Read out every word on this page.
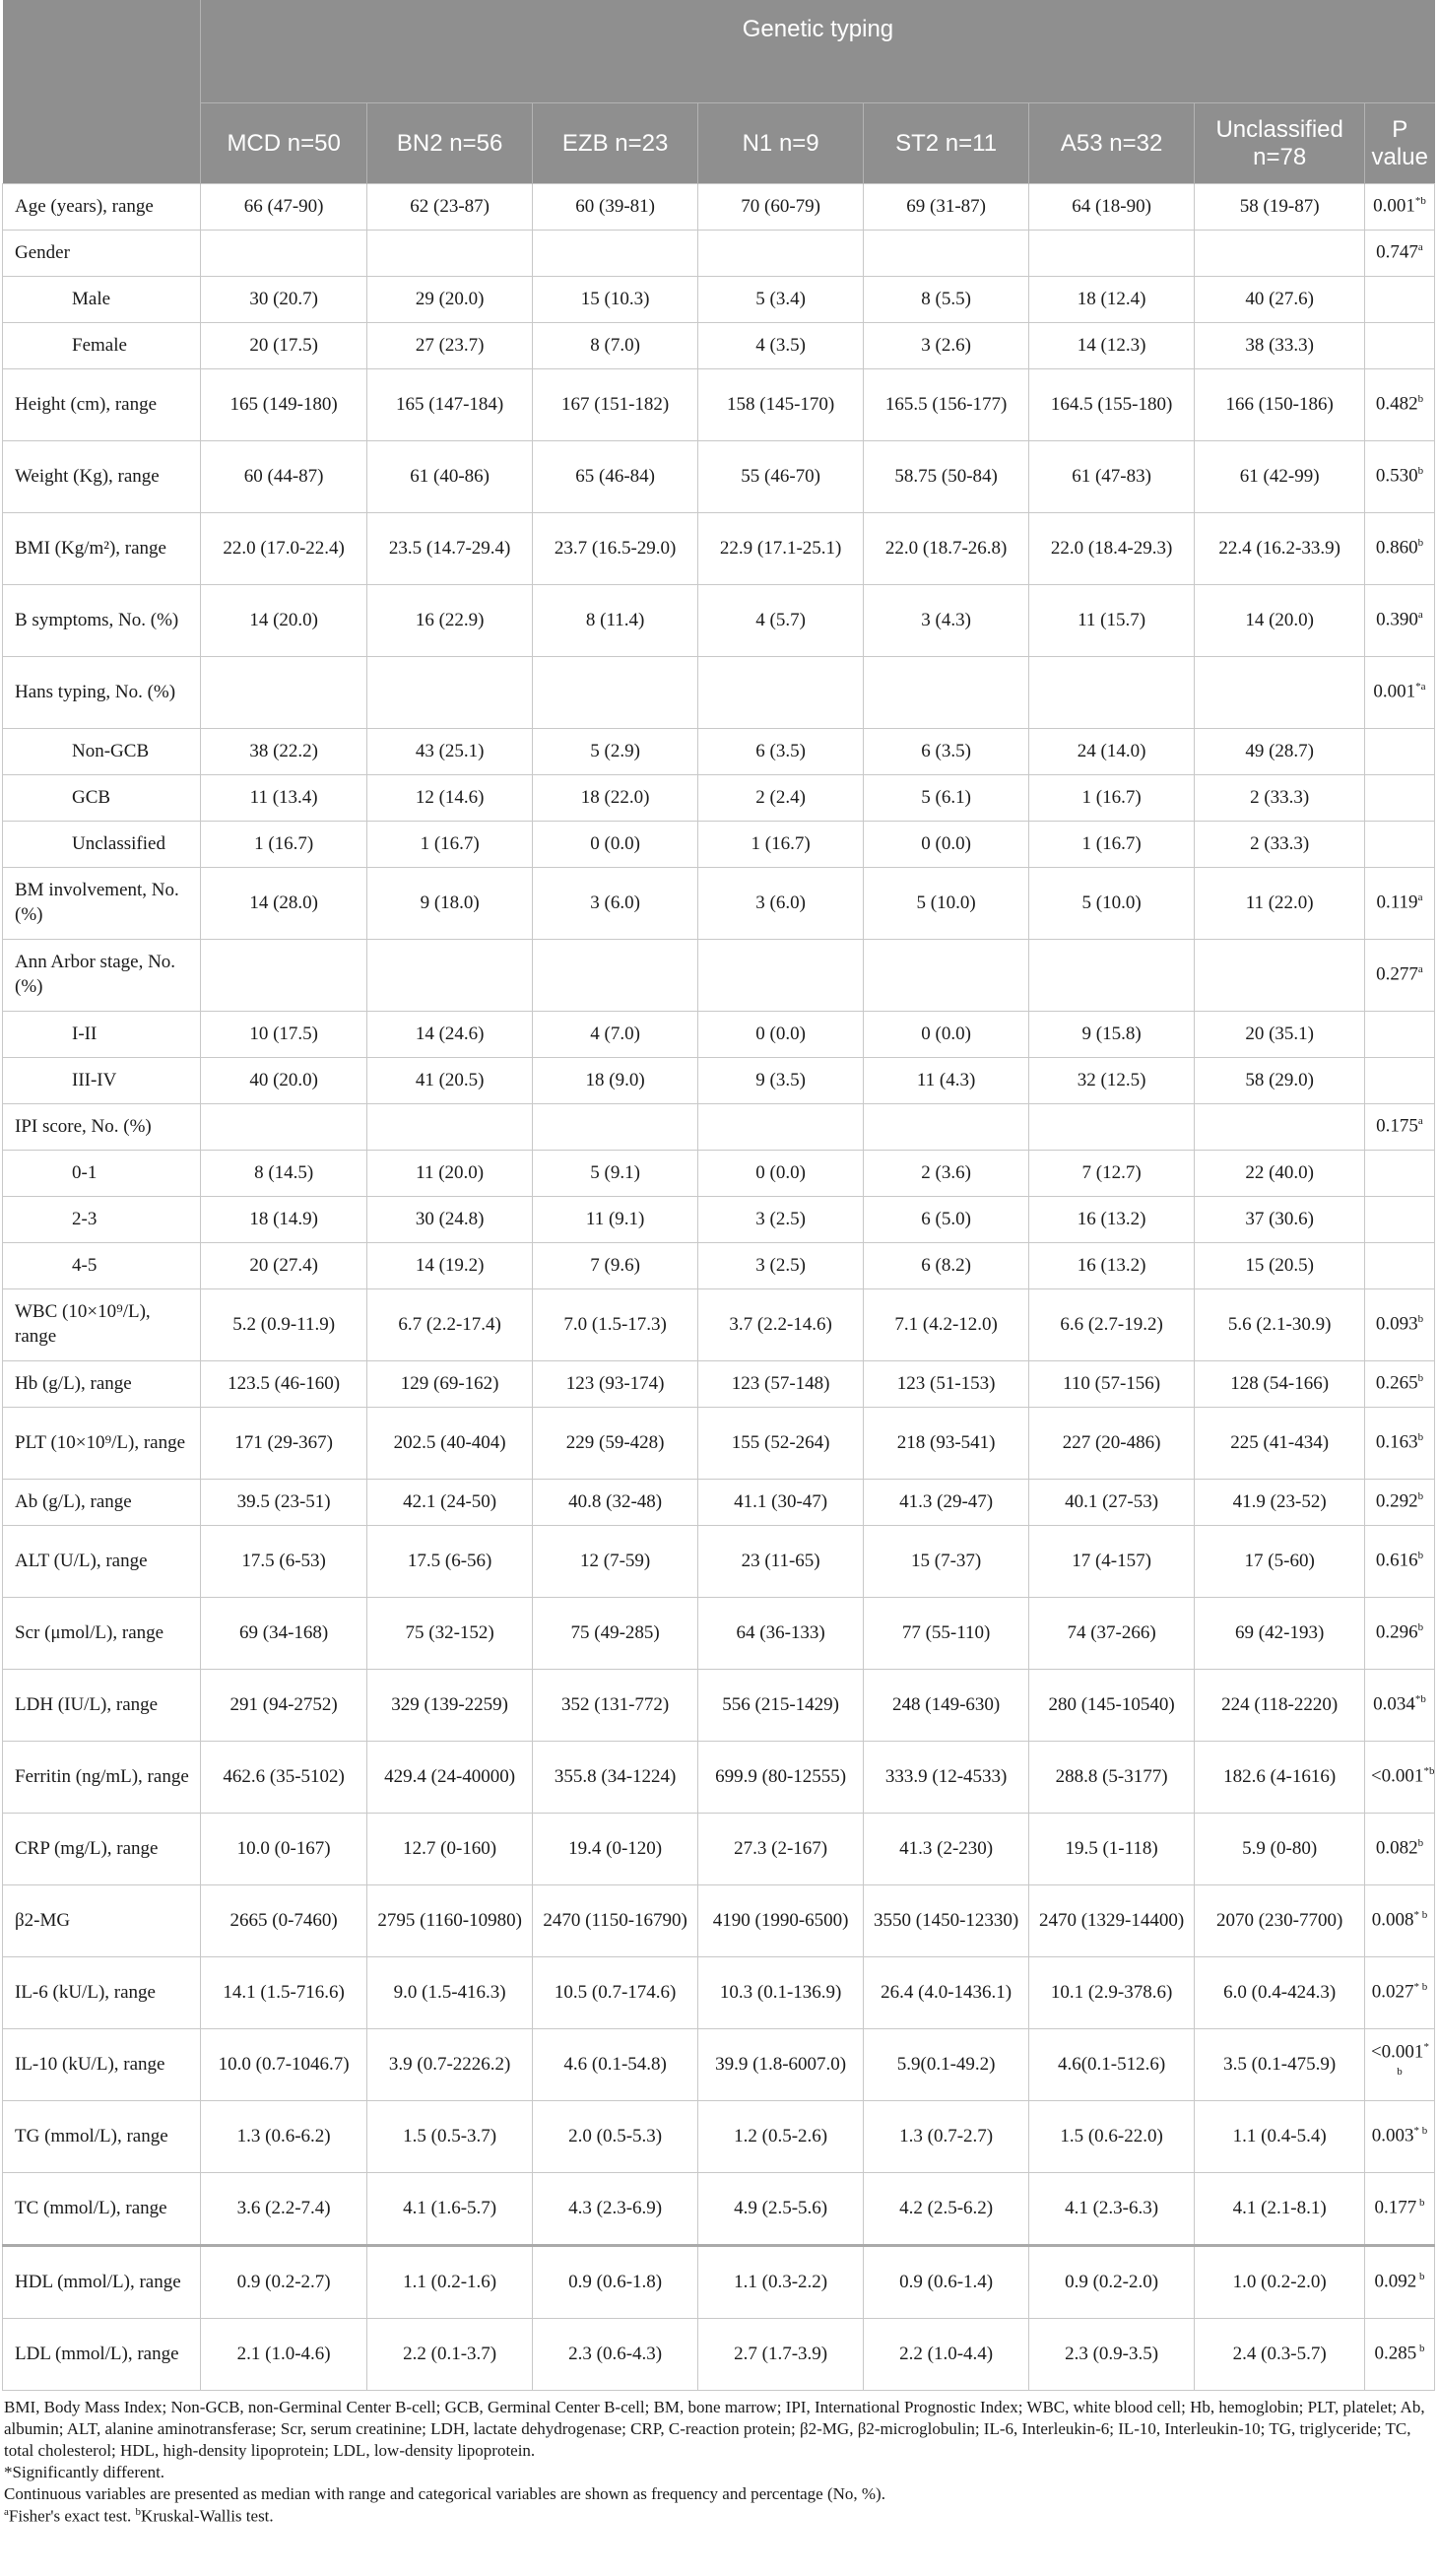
	Genetic typing							
	MCD n=50	BN2 n=56	EZB n=23	N1 n=9	ST2 n=11	A53 n=32	Unclassified n=78	P value
Age (years), range	66 (47-90)	62 (23-87)	60 (39-81)	70 (60-79)	69 (31-87)	64 (18-90)	58 (19-87)	0.001$^{*b}$
Gender								0.747$^a$
Male	30 (20.7)	29 (20.0)	15 (10.3)	5 (3.4)	8 (5.5)	18 (12.4)	40 (27.6)	
Female	20 (17.5)	27 (23.7)	8 (7.0)	4 (3.5)	3 (2.6)	14 (12.3)	38 (33.3)	
Height (cm), range	165 (149-180)	165 (147-184)	167 (151-182)	158 (145-170)	165.5 (156-177)	164.5 (155-180)	166 (150-186)	0.482$^b$
Weight (Kg), range	60 (44-87)	61 (40-86)	65 (46-84)	55 (46-70)	58.75 (50-84)	61 (47-83)	61 (42-99)	0.530$^b$
BMI (Kg/m²), range	22.0 (17.0-22.4)	23.5 (14.7-29.4)	23.7 (16.5-29.0)	22.9 (17.1-25.1)	22.0 (18.7-26.8)	22.0 (18.4-29.3)	22.4 (16.2-33.9)	0.860$^b$
B symptoms, No. (%)	14 (20.0)	16 (22.9)	8 (11.4)	4 (5.7)	3 (4.3)	11 (15.7)	14 (20.0)	0.390$^a$
Hans typing, No. (%)								0.001$^{*a}$
Non-GCB	38 (22.2)	43 (25.1)	5 (2.9)	6 (3.5)	6 (3.5)	24 (14.0)	49 (28.7)	
GCB	11 (13.4)	12 (14.6)	18 (22.0)	2 (2.4)	5 (6.1)	1 (16.7)	2 (33.3)	
Unclassified	1 (16.7)	1 (16.7)	0 (0.0)	1 (16.7)	0 (0.0)	1 (16.7)	2 (33.3)	
BM involvement, No. (%)	14 (28.0)	9 (18.0)	3 (6.0)	3 (6.0)	5 (10.0)	5 (10.0)	11 (22.0)	0.119$^a$
Ann Arbor stage, No. (%)								0.277$^a$
I-II	10 (17.5)	14 (24.6)	4 (7.0)	0 (0.0)	0 (0.0)	9 (15.8)	20 (35.1)	
III-IV	40 (20.0)	41 (20.5)	18 (9.0)	9 (3.5)	11 (4.3)	32 (12.5)	58 (29.0)	
IPI score, No. (%)								0.175$^a$
0-1	8 (14.5)	11 (20.0)	5 (9.1)	0 (0.0)	2 (3.6)	7 (12.7)	22 (40.0)	
2-3	18 (14.9)	30 (24.8)	11 (9.1)	3 (2.5)	6 (5.0)	16 (13.2)	37 (30.6)	
4-5	20 (27.4)	14 (19.2)	7 (9.6)	3 (2.5)	6 (8.2)	16 (13.2)	15 (20.5)	
WBC (10×10⁹/L), range	5.2 (0.9-11.9)	6.7 (2.2-17.4)	7.0 (1.5-17.3)	3.7 (2.2-14.6)	7.1 (4.2-12.0)	6.6 (2.7-19.2)	5.6 (2.1-30.9)	0.093$^b$
Hb (g/L), range	123.5 (46-160)	129 (69-162)	123 (93-174)	123 (57-148)	123 (51-153)	110 (57-156)	128 (54-166)	0.265$^b$
PLT (10×10⁹/L), range	171 (29-367)	202.5 (40-404)	229 (59-428)	155 (52-264)	218 (93-541)	227 (20-486)	225 (41-434)	0.163$^b$
Ab (g/L), range	39.5 (23-51)	42.1 (24-50)	40.8 (32-48)	41.1 (30-47)	41.3 (29-47)	40.1 (27-53)	41.9 (23-52)	0.292$^b$
ALT (U/L), range	17.5 (6-53)	17.5 (6-56)	12 (7-59)	23 (11-65)	15 (7-37)	17 (4-157)	17 (5-60)	0.616$^b$
Scr (μmol/L), range	69 (34-168)	75 (32-152)	75 (49-285)	64 (36-133)	77 (55-110)	74 (37-266)	69 (42-193)	0.296$^b$
LDH (IU/L), range	291 (94-2752)	329 (139-2259)	352 (131-772)	556 (215-1429)	248 (149-630)	280 (145-10540)	224 (118-2220)	0.034$^{*b}$
Ferritin (ng/mL), range	462.6 (35-5102)	429.4 (24-40000)	355.8 (34-1224)	699.9 (80-12555)	333.9 (12-4533)	288.8 (5-3177)	182.6 (4-1616)	$<0.001^{*b}$
CRP (mg/L), range	10.0 (0-167)	12.7 (0-160)	19.4 (0-120)	27.3 (2-167)	41.3 (2-230)	19.5 (1-118)	5.9 (0-80)	0.082$^b$
β2-MG	2665 (0-7460)	2795 (1160-10980)	2470 (1150-16790)	4190 (1990-6500)	3550 (1450-12330)	2470 (1329-14400)	2070 (230-7700)	0.008$^{* b}$
IL-6 (kU/L), range	14.1 (1.5-716.6)	9.0 (1.5-416.3)	10.5 (0.7-174.6)	10.3 (0.1-136.9)	26.4 (4.0-1436.1)	10.1 (2.9-378.6)	6.0 (0.4-424.3)	0.027$^{* b}$
IL-10 (kU/L), range	10.0 (0.7-1046.7)	3.9 (0.7-2226.2)	4.6 (0.1-54.8)	39.9 (1.8-6007.0)	5.9(0.1-49.2)	4.6(0.1-512.6)	3.5 (0.1-475.9)	$<0.001^{* b}$
TG (mmol/L), range	1.3 (0.6-6.2)	1.5 (0.5-3.7)	2.0 (0.5-5.3)	1.2 (0.5-2.6)	1.3 (0.7-2.7)	1.5 (0.6-22.0)	1.1 (0.4-5.4)	0.003$^{* b}$
TC (mmol/L), range	3.6 (2.2-7.4)	4.1 (1.6-5.7)	4.3 (2.3-6.9)	4.9 (2.5-5.6)	4.2 (2.5-6.2)	4.1 (2.3-6.3)	4.1 (2.1-8.1)	0.177 $^b$
HDL (mmol/L), range	0.9 (0.2-2.7)	1.1 (0.2-1.6)	0.9 (0.6-1.8)	1.1 (0.3-2.2)	0.9 (0.6-1.4)	0.9 (0.2-2.0)	1.0 (0.2-2.0)	0.092 $^b$
LDL (mmol/L), range	2.1 (1.0-4.6)	2.2 (0.1-3.7)	2.3 (0.6-4.3)	2.7 (1.7-3.9)	2.2 (1.0-4.4)	2.3 (0.9-3.5)	2.4 (0.3-5.7)	0.285 $^b$

BMI, Body Mass Index; Non-GCB, non-Germinal Center B-cell; GCB, Germinal Center B-cell; BM, bone marrow; IPI, International Prognostic Index; WBC, white blood cell; Hb, hemoglobin; PLT, platelet; Ab, albumin; ALT, alanine aminotransferase; Scr, serum creatinine; LDH, lactate dehydrogenase; CRP, C-reaction protein; β2-MG, β2-microglobulin; IL-6, Interleukin-6; IL-10, Interleukin-10; TG, triglyceride; TC, total cholesterol; HDL, high-density lipoprotein; LDL, low-density lipoprotein.

*Significantly different.

Continuous variables are presented as median with range and categorical variables are shown as frequency and percentage (No, %).

$^a$Fisher's exact test. $^b$Kruskal-Wallis test.
